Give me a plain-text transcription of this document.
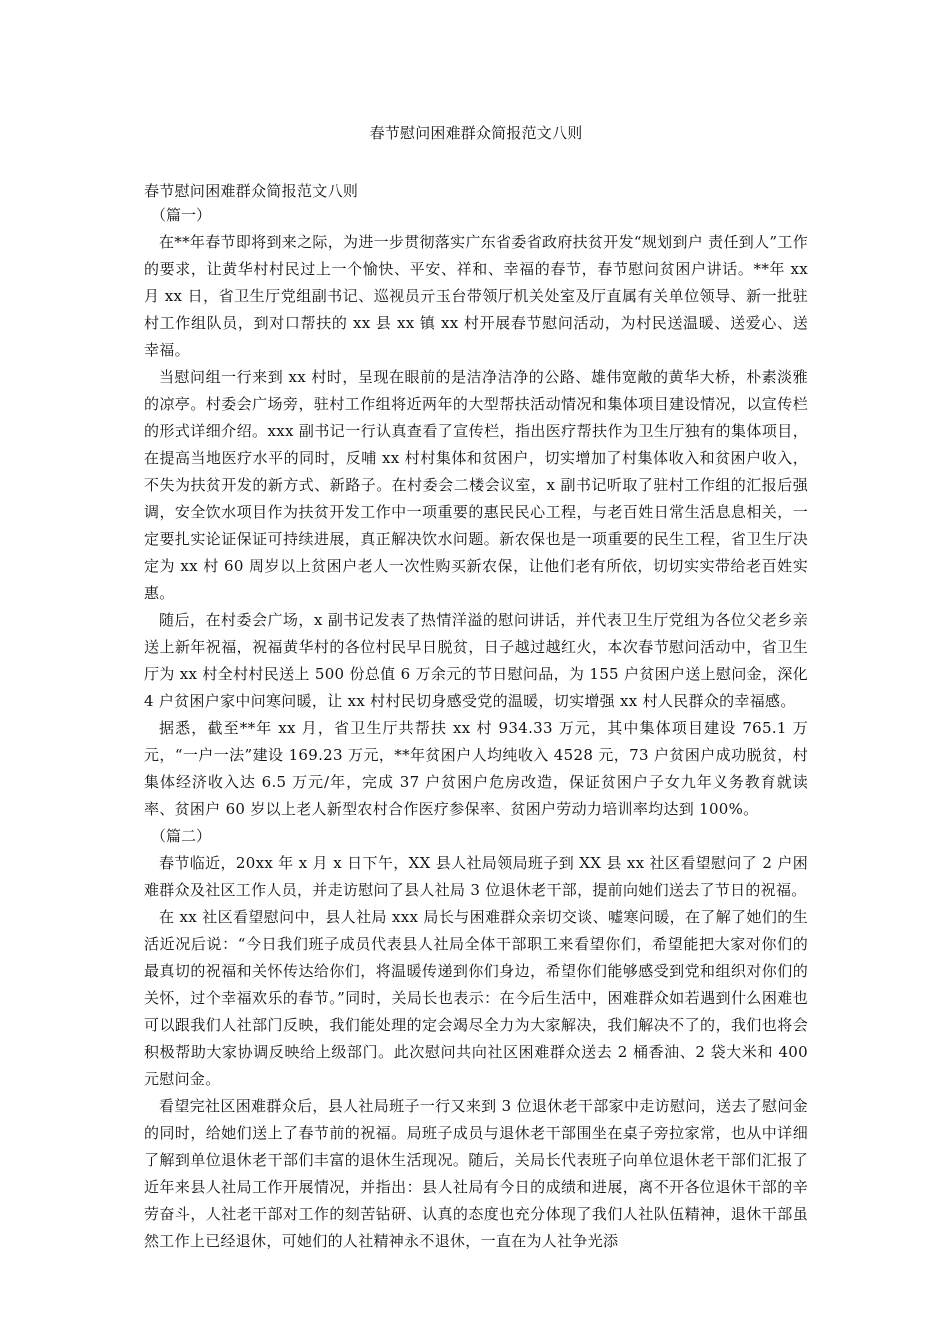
春节慰问困难群众简报范文八则

春节慰问困难群众简报范文八则

（篇一）

在**年春节即将到来之际，为进一步贯彻落实广东省委省政府扶贫开发“规划到户 责任到人”工作的要求，让黄华村村民过上一个愉快、平安、祥和、幸福的春节，春节慰问贫困户讲话。**年 xx 月 xx 日，省卫生厅党组副书记、巡视员亓玉台带领厅机关处室及厅直属有关单位领导、新一批驻村工作组队员，到对口帮扶的 xx 县 xx 镇 xx 村开展春节慰问活动，为村民送温暖、送爱心、送幸福。

当慰问组一行来到 xx 村时，呈现在眼前的是洁净洁净的公路、雄伟宽敞的黄华大桥，朴素淡雅的凉亭。村委会广场旁，驻村工作组将近两年的大型帮扶活动情况和集体项目建设情况，以宣传栏的形式详细介绍。xxx 副书记一行认真查看了宣传栏，指出医疗帮扶作为卫生厅独有的集体项目，在提高当地医疗水平的同时，反哺 xx 村村集体和贫困户，切实增加了村集体收入和贫困户收入，不失为扶贫开发的新方式、新路子。在村委会二楼会议室，x 副书记听取了驻村工作组的汇报后强调，安全饮水项目作为扶贫开发工作中一项重要的惠民民心工程，与老百姓日常生活息息相关，一定要扎实论证保证可持续进展，真正解决饮水问题。新农保也是一项重要的民生工程，省卫生厅决定为 xx 村 60 周岁以上贫困户老人一次性购买新农保，让他们老有所依，切切实实带给老百姓实惠。

随后，在村委会广场，x 副书记发表了热情洋溢的慰问讲话，并代表卫生厅党组为各位父老乡亲送上新年祝福，祝福黄华村的各位村民早日脱贫，日子越过越红火，本次春节慰问活动中，省卫生厅为 xx 村全村村民送上 500 份总值 6 万余元的节日慰问品，为 155 户贫困户送上慰问金，深化 4 户贫困户家中问寒问暖，让 xx 村村民切身感受党的温暖，切实增强 xx 村人民群众的幸福感。

据悉，截至**年 xx 月，省卫生厅共帮扶 xx 村 934.33 万元，其中集体项目建设 765.1 万元，“一户一法”建设 169.23 万元，**年贫困户人均纯收入 4528 元，73 户贫困户成功脱贫，村集体经济收入达 6.5 万元/年，完成 37 户贫困户危房改造，保证贫困户子女九年义务教育就读率、贫困户 60 岁以上老人新型农村合作医疗参保率、贫困户劳动力培训率均达到 100%。

（篇二）

春节临近，20xx 年 x 月 x 日下午，XX 县人社局领局班子到 XX 县 xx 社区看望慰问了 2 户困难群众及社区工作人员，并走访慰问了县人社局 3 位退休老干部，提前向她们送去了节日的祝福。

在 xx 社区看望慰问中，县人社局 xxx 局长与困难群众亲切交谈、嘘寒问暖，在了解了她们的生活近况后说：“今日我们班子成员代表县人社局全体干部职工来看望你们，希望能把大家对你们的最真切的祝福和关怀传达给你们，将温暖传递到你们身边，希望你们能够感受到党和组织对你们的关怀，过个幸福欢乐的春节。”同时，关局长也表示：在今后生活中，困难群众如若遇到什么困难也可以跟我们人社部门反映，我们能处理的定会竭尽全力为大家解决，我们解决不了的，我们也将会积极帮助大家协调反映给上级部门。此次慰问共向社区困难群众送去 2 桶香油、2 袋大米和 400 元慰问金。

看望完社区困难群众后，县人社局班子一行又来到 3 位退休老干部家中走访慰问，送去了慰问金的同时，给她们送上了春节前的祝福。局班子成员与退休老干部围坐在桌子旁拉家常，也从中详细了解到单位退休老干部们丰富的退休生活现况。随后，关局长代表班子向单位退休老干部们汇报了近年来县人社局工作开展情况，并指出：县人社局有今日的成绩和进展，离不开各位退休干部的辛劳奋斗，人社老干部对工作的刻苦钻研、认真的态度也充分体现了我们人社队伍精神，退休干部虽然工作上已经退休，可她们的人社精神永不退休，一直在为人社争光添
